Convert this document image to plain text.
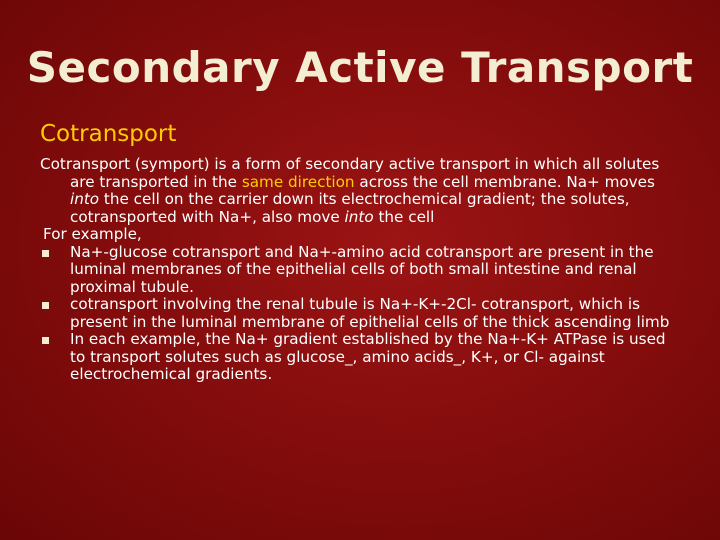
Secondary Active Transport
Cotransport

Cotransport (symport) is a form of secondary active transport in which all solutes are transported in the same direction across the cell membrane. Na+ moves into the cell on the carrier down its electrochemical gradient; the solutes, cotransported with Na+, also move into the cell

For example,

Na+-glucose cotransport and Na+-amino acid cotransport are present in the luminal membranes of the epithelial cells of both small intestine and renal proximal tubule.
cotransport involving the renal tubule is Na+-K+-2Cl- cotransport, which is present in the luminal membrane of epithelial cells of the thick ascending limb
In each example, the Na+ gradient established by the Na+-K+ ATPase is used to transport solutes such as glucose_, amino acids_, K+, or Cl- against electrochemical gradients.
